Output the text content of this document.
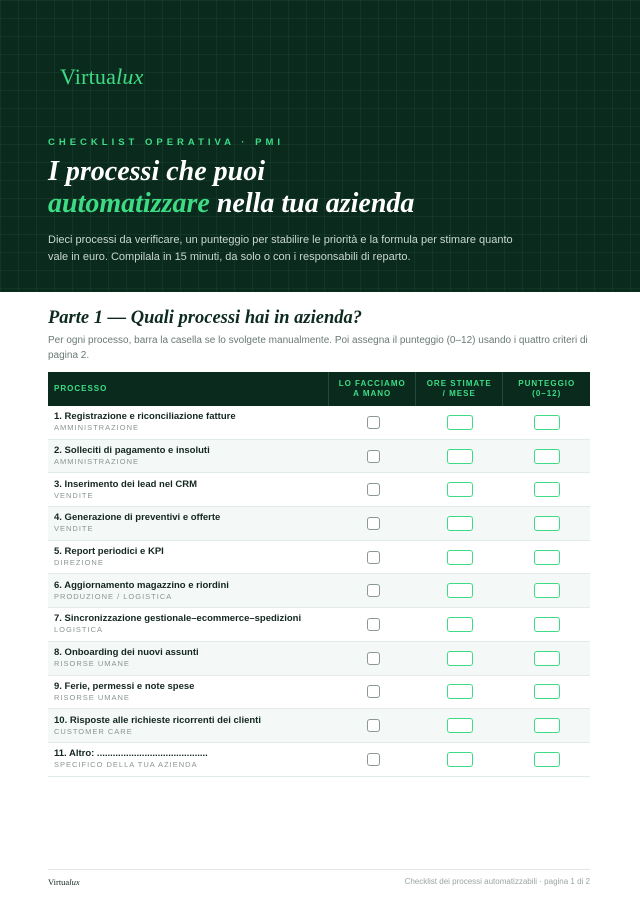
Virtualux
CHECKLIST OPERATIVA · PMI
I processi che puoi
automatizzare nella tua azienda

Dieci processi da verificare, un punteggio per stabilire le priorità e la formula per stimare quanto vale in euro. Compilala in 15 minuti, da solo o con i responsabili di reparto.

Parte 1 — Quali processi hai in azienda?

Per ogni processo, barra la casella se lo svolgete manualmente. Poi assegna il punteggio (0–12) usando i quattro criteri di pagina 2.

PROCESSO
LO FACCIAMO
A MANO
ORE STIMATE
/ MESE
PUNTEGGIO
(0–12)
1. Registrazione e riconciliazione fatture
AMMINISTRAZIONE
2. Solleciti di pagamento e insoluti
AMMINISTRAZIONE
3. Inserimento dei lead nel CRM
VENDITE
4. Generazione di preventivi e offerte
VENDITE
5. Report periodici e KPI
DIREZIONE
6. Aggiornamento magazzino e riordini
PRODUZIONE / LOGISTICA
7. Sincronizzazione gestionale–ecommerce–spedizioni
LOGISTICA
8. Onboarding dei nuovi assunti
RISORSE UMANE
9. Ferie, permessi e note spese
RISORSE UMANE
10. Risposte alle richieste ricorrenti dei clienti
CUSTOMER CARE
11. Altro: ..........................................
SPECIFICO DELLA TUA AZIENDA
Virtualux	Checklist dei processi automatizzabili · pagina 1 di 2
